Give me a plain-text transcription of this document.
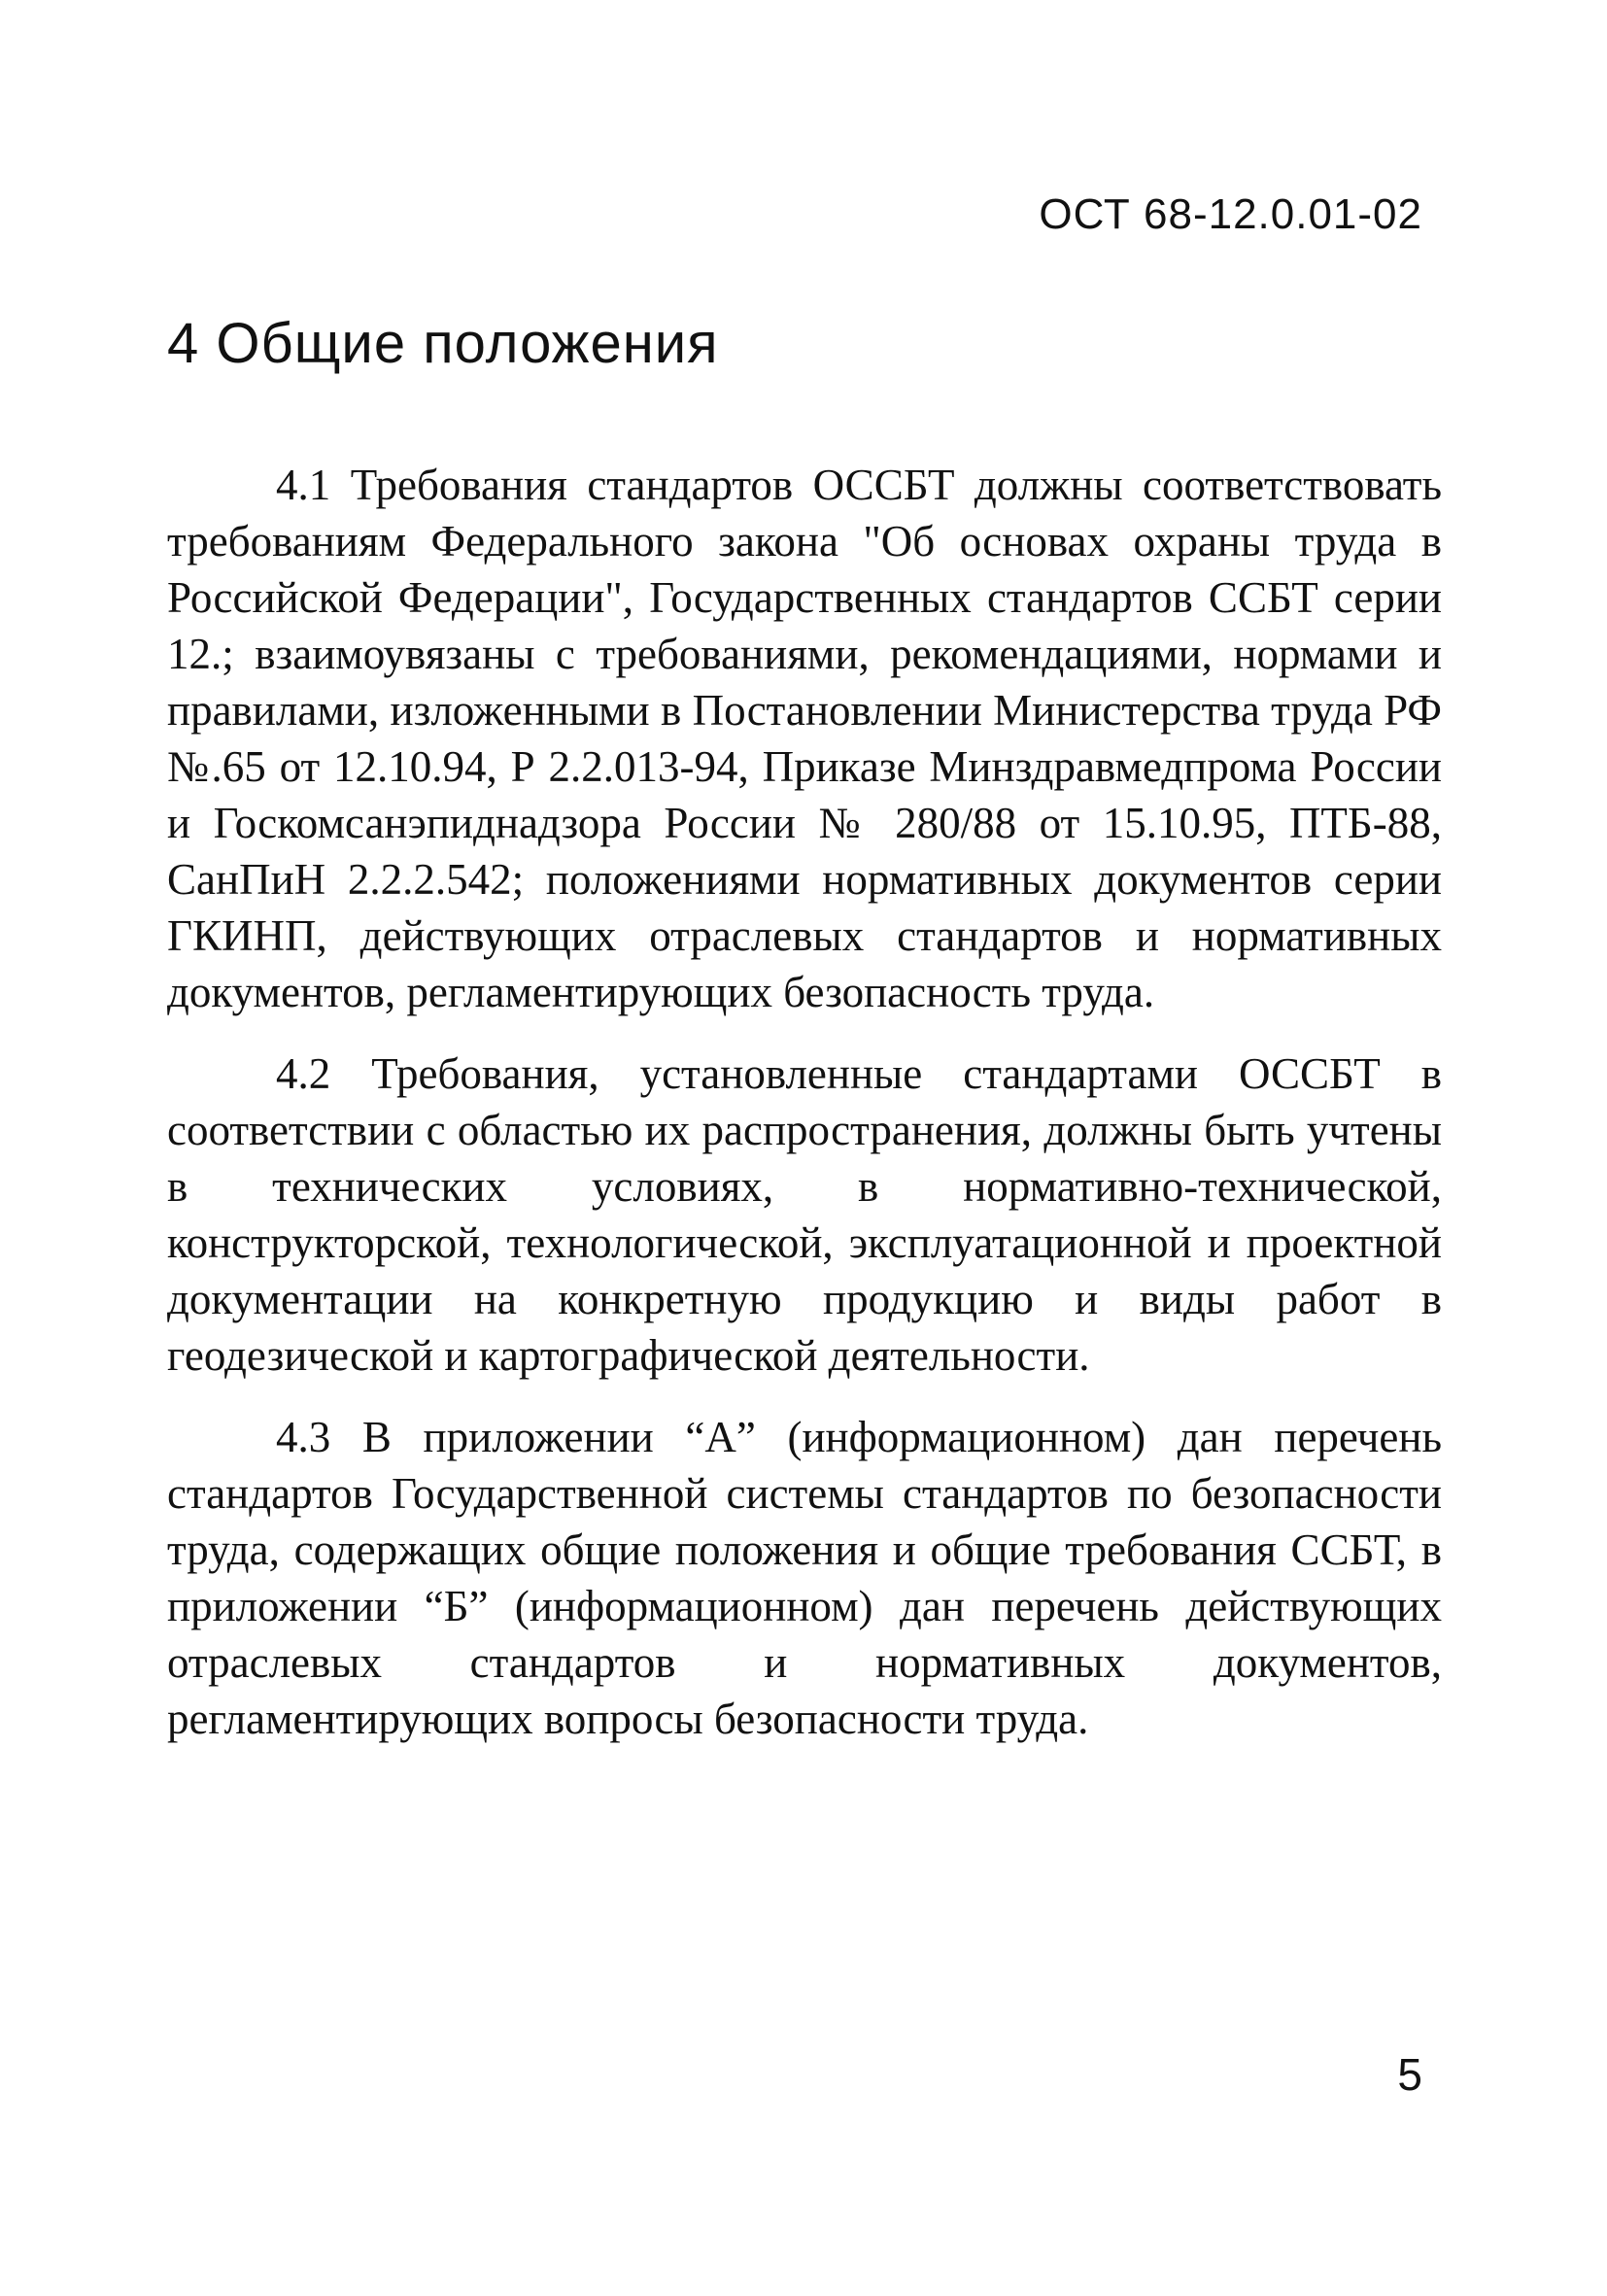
ОСТ 68-12.0.01-02
4 Общие положения

4.1 Требования стандартов ОССБТ должны соответствовать требованиям Федерального закона "Об основах охраны труда в Российской Федерации", Государственных стандартов ССБТ серии 12.; взаимоувязаны с требованиями, рекомендациями, нормами и правилами, изложенными в Постановлении Министерства труда РФ №.65 от 12.10.94, Р 2.2.013-94, Приказе Минздравмедпрома России и Госкомсанэпиднадзора России № 280/88 от 15.10.95, ПТБ-88, СанПиН 2.2.2.542; положениями нормативных документов серии ГКИНП, действующих отраслевых стандартов и нормативных документов, регламентирующих безопасность труда.

4.2 Требования, установленные стандартами ОССБТ в соответствии с областью их распространения, должны быть учтены в технических условиях, в нормативно-технической, конструкторской, технологической, эксплуатационной и проектной документации на конкретную продукцию и виды работ в геодезической и картографической деятельности.

4.3 В приложении “А” (информационном) дан перечень стандартов Государственной системы стандартов по безопасности труда, содержащих общие положения и общие требования ССБТ, в приложении “Б” (информационном) дан перечень действующих отраслевых стандартов и нормативных документов, регламентирующих вопросы безопасности труда.

5
